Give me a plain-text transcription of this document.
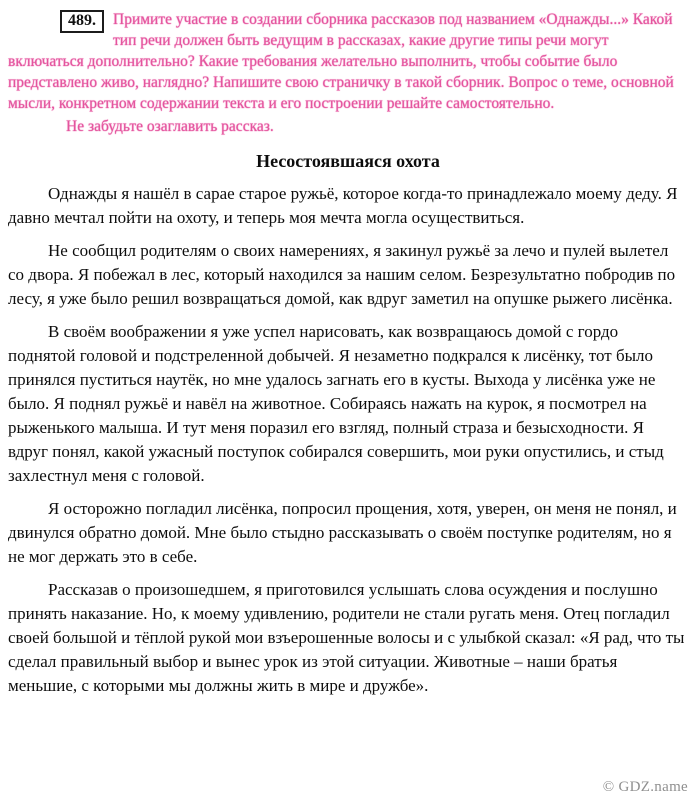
489.	Примите участие в создании сборника рассказов под названием «Однажды...» Какой тип речи должен быть ведущим в рассказах, какие другие типы речи могут включаться дополнительно? Какие требования желательно выполнить, чтобы событие было представлено живо, наглядно? Напишите свою страничку в такой сборник. Вопрос о теме, основной мысли, конкретном содержании текста и его построении решайте самостоятельно.
Не забудьте озаглавить рассказ.
Несостоявшаяся охота
Однажды я нашёл в сарае старое ружьё, которое когда-то принадлежало моему деду. Я давно мечтал пойти на охоту, и теперь моя мечта могла осуществиться.
Не сообщил родителям о своих намерениях, я закинул ружьё за лечо и пулей вылетел со двора. Я побежал в лес, который находился за нашим селом. Безрезультатно побродив по лесу, я уже было решил возвращаться домой, как вдруг заметил на опушке рыжего лисёнка.
В своём воображении я уже успел нарисовать, как возвращаюсь домой с гордо поднятой головой и подстреленной добычей. Я незаметно подкрался к лисёнку, тот было принялся пуститься наутёк, но мне удалось загнать его в кусты. Выхода у лисёнка уже не было. Я поднял ружьё и навёл на животное. Собираясь нажать на курок, я посмотрел на рыженького малыша. И тут меня поразил его взгляд, полный страза и безысходности. Я вдруг понял, какой ужасный поступок собирался совершить, мои руки опустились, и стыд захлестнул меня с головой.
Я осторожно погладил лисёнка, попросил прощения, хотя, уверен, он меня не понял, и двинулся обратно домой. Мне было стыдно рассказывать о своём поступке родителям, но я не мог держать это в себе.
Рассказав о произошедшем, я приготовился услышать слова осуждения и послушно принять наказание. Но, к моему удивлению, родители не стали ругать меня. Отец погладил своей большой и тёплой рукой мои взъерошенные волосы и с улыбкой сказал: «Я рад, что ты сделал правильный выбор и вынес урок из этой ситуации. Животные – наши братья меньшие, с которыми мы должны жить в мире и дружбе».
© GDZ.name
